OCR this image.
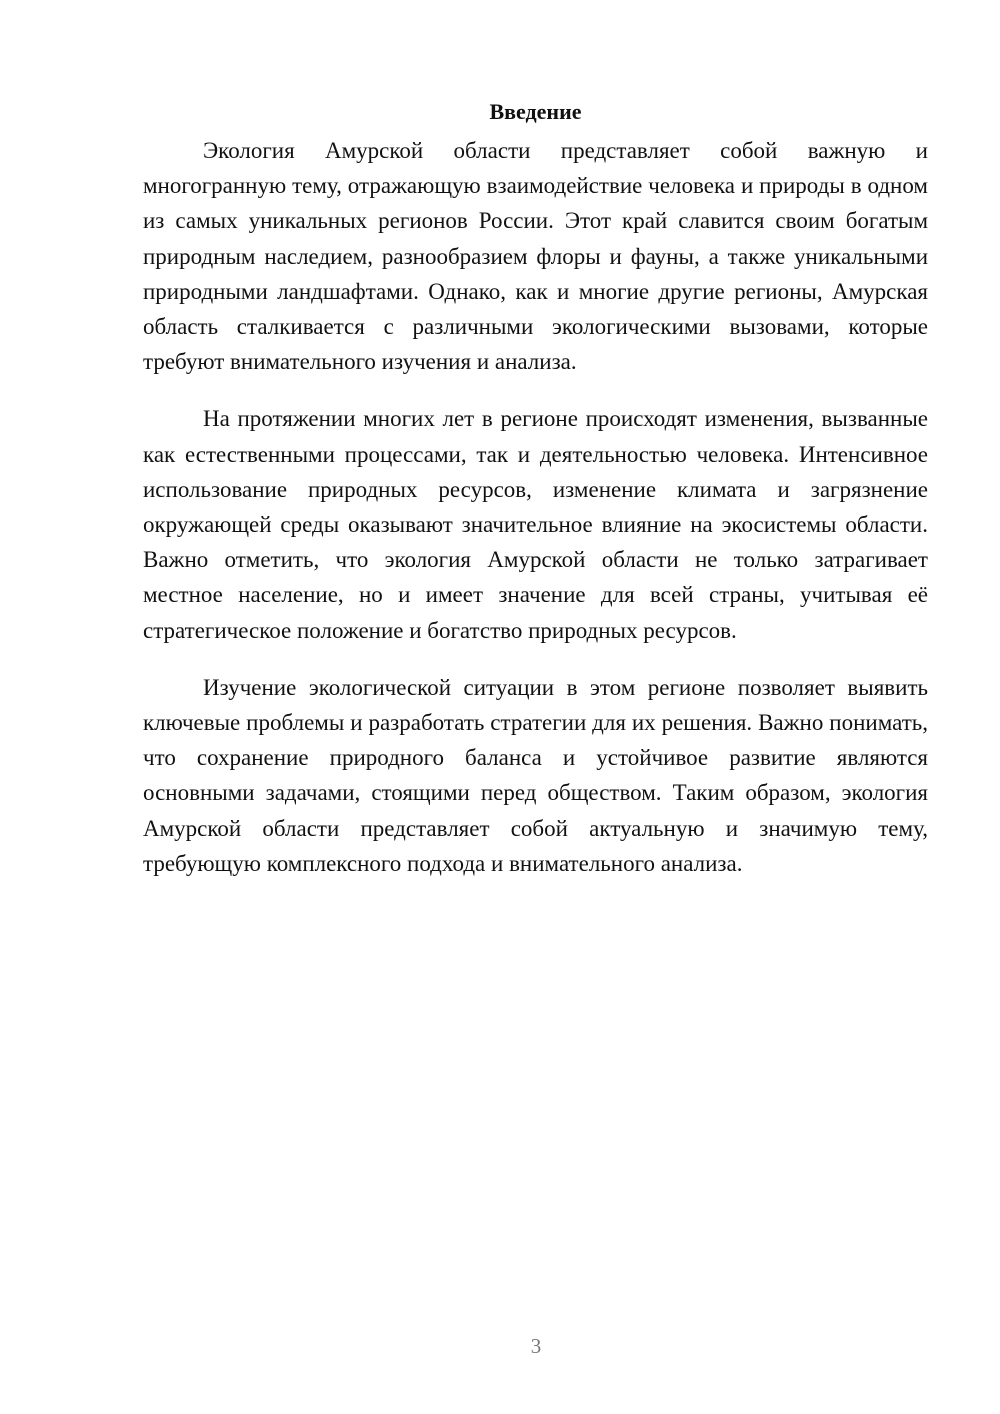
Введение

Экология Амурской области представляет собой важную и многогранную тему, отражающую взаимодействие человека и природы в одном из самых уникальных регионов России. Этот край славится своим богатым природным наследием, разнообразием флоры и фауны, а также уникальными природными ландшафтами. Однако, как и многие другие регионы, Амурская область сталкивается с различными экологическими вызовами, которые требуют внимательного изучения и анализа.

На протяжении многих лет в регионе происходят изменения, вызванные как естественными процессами, так и деятельностью человека. Интенсивное использование природных ресурсов, изменение климата и загрязнение окружающей среды оказывают значительное влияние на экосистемы области. Важно отметить, что экология Амурской области не только затрагивает местное население, но и имеет значение для всей страны, учитывая её стратегическое положение и богатство природных ресурсов.

Изучение экологической ситуации в этом регионе позволяет выявить ключевые проблемы и разработать стратегии для их решения. Важно понимать, что сохранение природного баланса и устойчивое развитие являются основными задачами, стоящими перед обществом. Таким образом, экология Амурской области представляет собой актуальную и значимую тему, требующую комплексного подхода и внимательного анализа.

3
